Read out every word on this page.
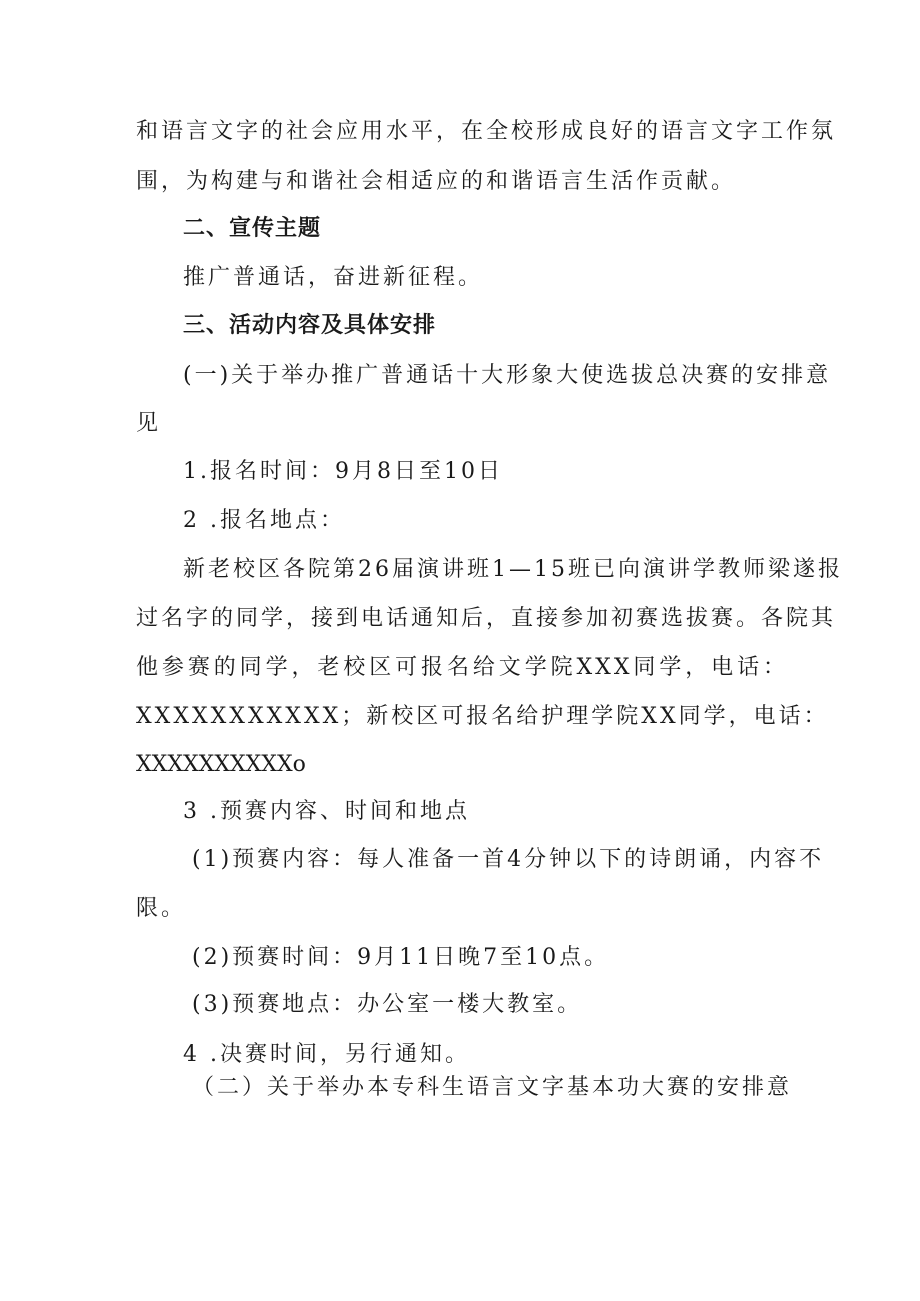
和语言文字的社会应用水平，在全校形成良好的语言文字工作氛
围，为构建与和谐社会相适应的和谐语言生活作贡献。
二、宣传主题
推广普通话，奋进新征程。
三、活动内容及具体安排
(一)关于举办推广普通话十大形象大使选拔总决赛的安排意
见
1.报名时间：9月8日至10日
2 .报名地点：
新老校区各院第26届演讲班1—15班已向演讲学教师梁遂报
过名字的同学，接到电话通知后，直接参加初赛选拔赛。各院其
他参赛的同学，老校区可报名给文学院XXX同学，电话：
XXXXXXXXXXX；新校区可报名给护理学院XX同学，电话：
XXXXXXXXXXo
3 .预赛内容、时间和地点
(1)预赛内容：每人准备一首4分钟以下的诗朗诵，内容不
限。
(2)预赛时间：9月11日晚7至10点。
(3)预赛地点：办公室一楼大教室。
4 .决赛时间，另行通知。
（二）关于举办本专科生语言文字基本功大赛的安排意
